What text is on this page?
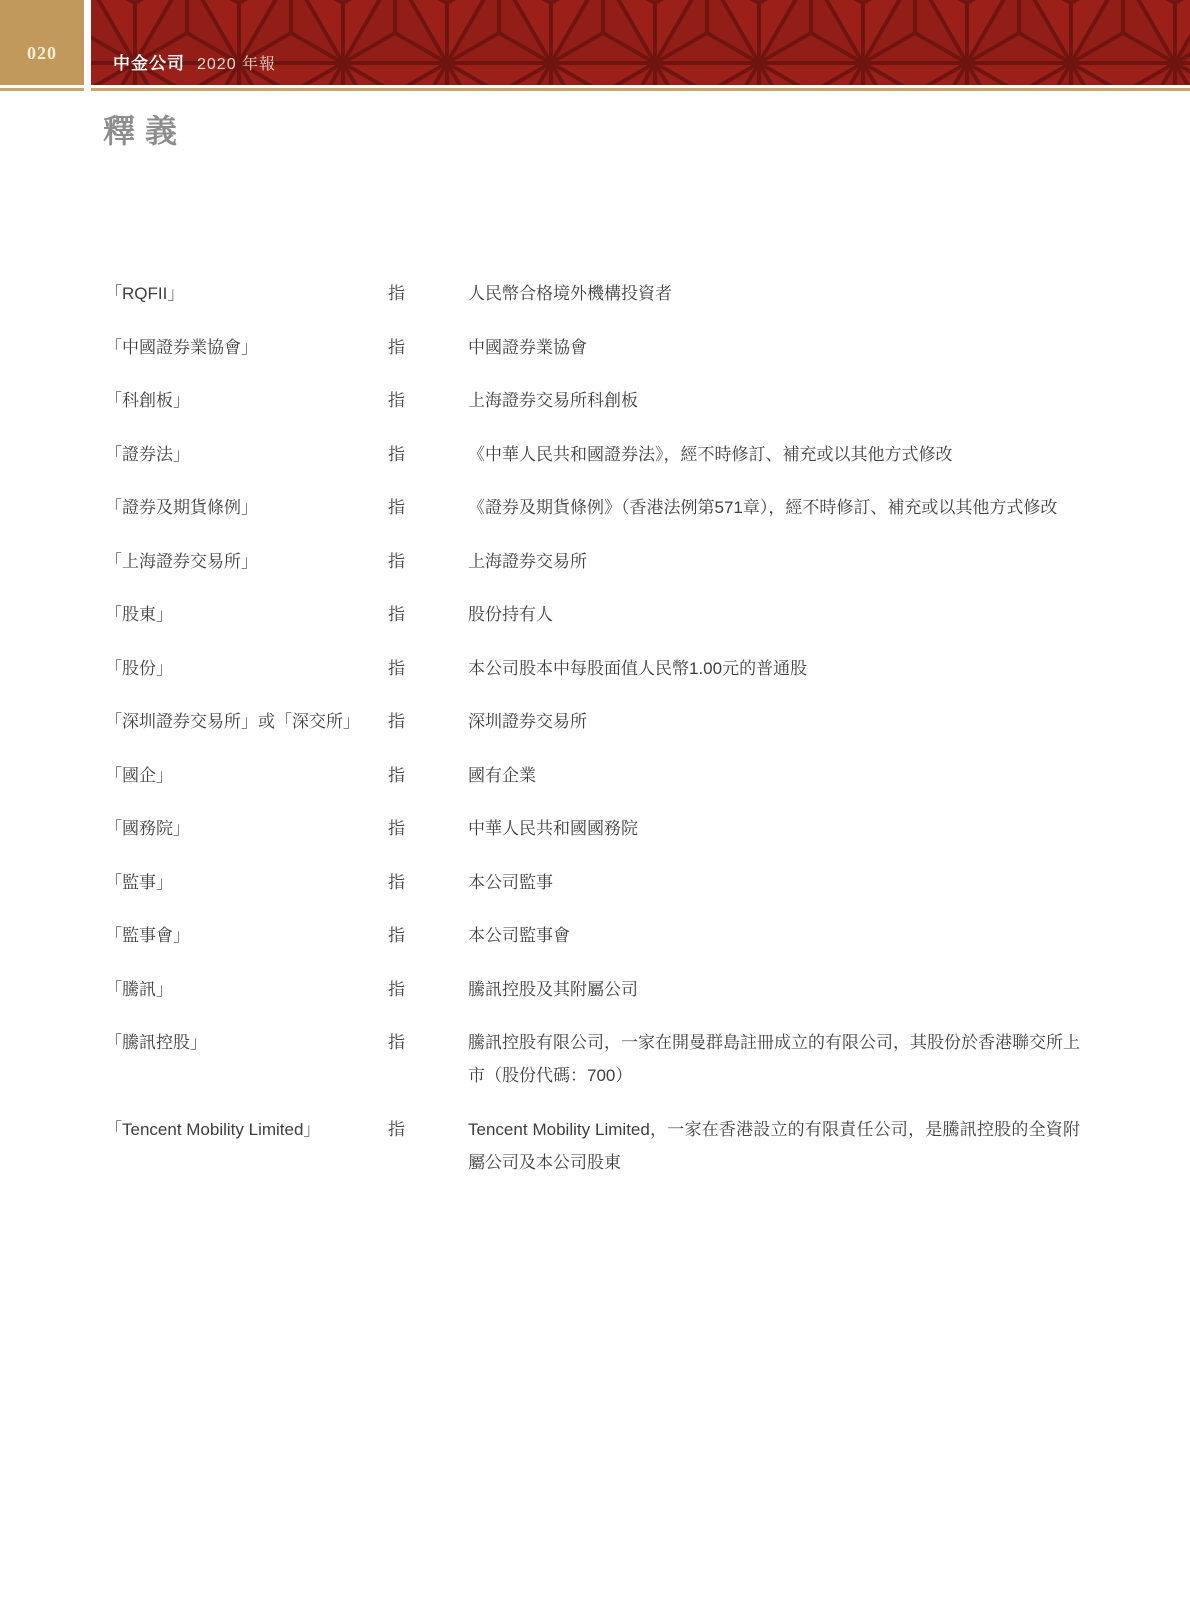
020
中金公司 2020 年報
釋義
「RQFII」	指	人民幣合格境外機構投資者
「中國證券業協會」	指	中國證券業協會
「科創板」	指	上海證券交易所科創板
「證券法」	指	《中華人民共和國證券法》，經不時修訂、補充或以其他方式修改
「證券及期貨條例」	指	《證券及期貨條例》（香港法例第571章），經不時修訂、補充或以其他方式修改
「上海證券交易所」	指	上海證券交易所
「股東」	指	股份持有人
「股份」	指	本公司股本中每股面值人民幣1.00元的普通股
「深圳證券交易所」或「深交所」	指	深圳證券交易所
「國企」	指	國有企業
「國務院」	指	中華人民共和國國務院
「監事」	指	本公司監事
「監事會」	指	本公司監事會
「騰訊」	指	騰訊控股及其附屬公司
「騰訊控股」	指	騰訊控股有限公司，一家在開曼群島註冊成立的有限公司，其股份於香港聯交所上市（股份代碼：700）
「Tencent Mobility Limited」	指	Tencent Mobility Limited，一家在香港設立的有限責任公司，是騰訊控股的全資附屬公司及本公司股東
